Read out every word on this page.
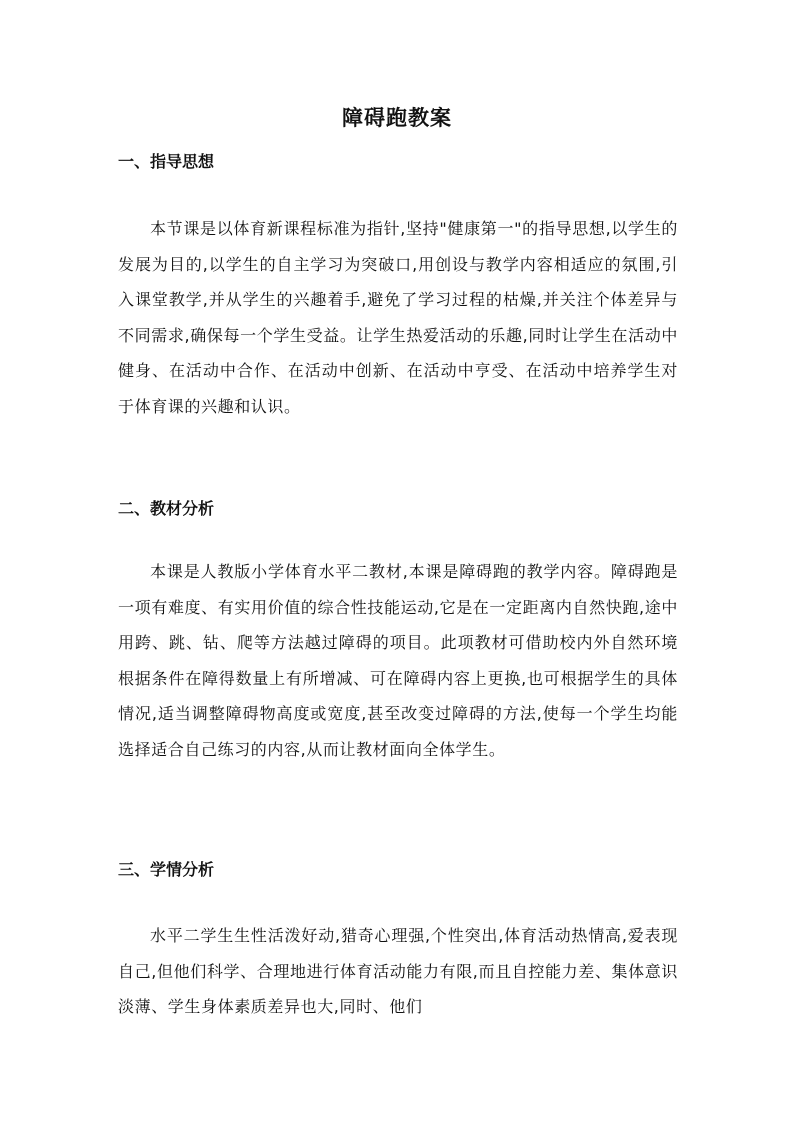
障碍跑教案
一、指导思想

本节课是以体育新课程标准为指针,坚持"健康第一"的指导思想,以学生的发展为目的,以学生的自主学习为突破口,用创设与教学内容相适应的氛围,引入课堂教学,并从学生的兴趣着手,避免了学习过程的枯燥,并关注个体差异与不同需求,确保每一个学生受益。让学生热爱活动的乐趣,同时让学生在活动中健身、在活动中合作、在活动中创新、在活动中亨受、在活动中培养学生对于体育课的兴趣和认识。

二、教材分析

本课是人教版小学体育水平二教材,本课是障碍跑的教学内容。障碍跑是一项有难度、有实用价值的综合性技能运动,它是在一定距离内自然快跑,途中用跨、跳、钻、爬等方法越过障碍的项目。此项教材可借助校内外自然环境根据条件在障得数量上有所增减、可在障碍内容上更换,也可根据学生的具体情况,适当调整障碍物高度或宽度,甚至改变过障碍的方法,使每一个学生均能选择适合自己练习的内容,从而让教材面向全体学生。

三、学情分析

水平二学生生性活泼好动,猎奇心理强,个性突出,体育活动热情高,爱表现自己,但他们科学、合理地进行体育活动能力有限,而且自控能力差、集体意识淡薄、学生身体素质差异也大,同时、他们
